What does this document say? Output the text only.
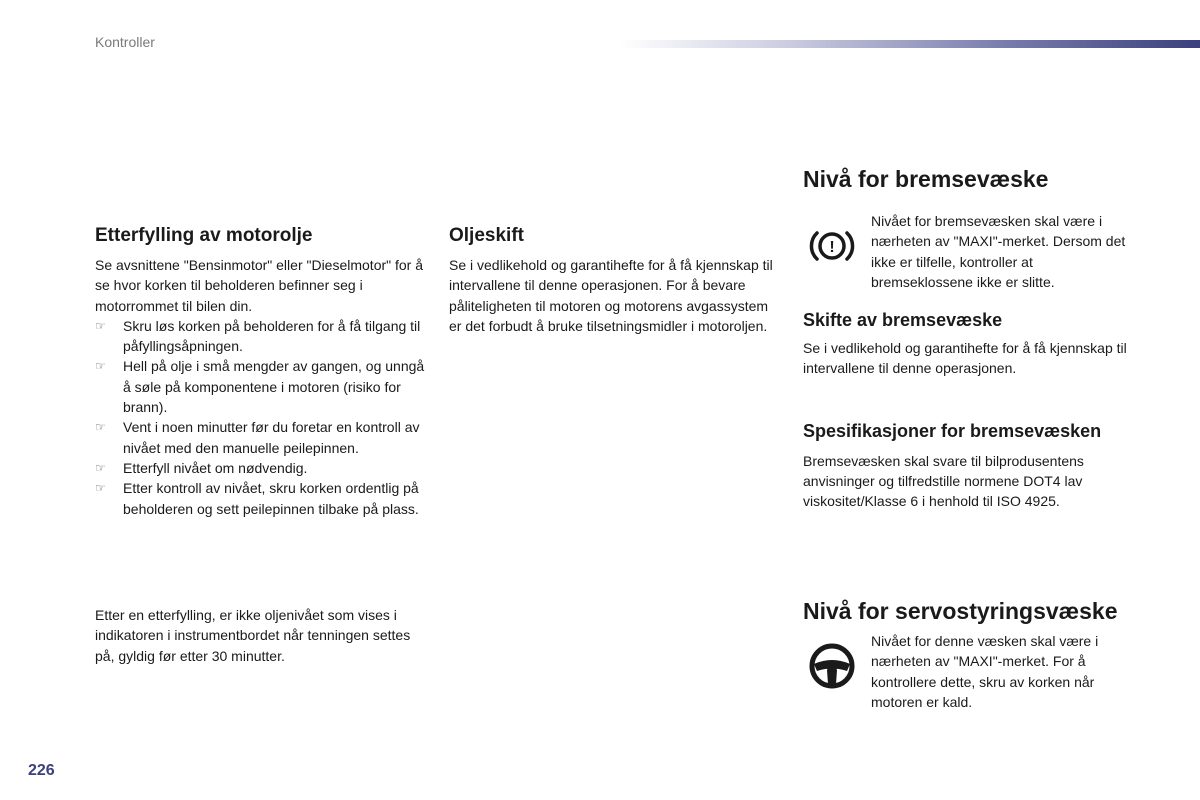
Kontroller
Etterfylling av motorolje

Se avsnittene "Bensinmotor" eller "Dieselmotor" for å se hvor korken til beholderen befinner seg i motorrommet til bilen din.

☞ Skru løs korken på beholderen for å få tilgang til påfyllingsåpningen.
☞ Hell på olje i små mengder av gangen, og unngå å søle på komponentene i motoren (risiko for brann).
☞ Vent i noen minutter før du foretar en kontroll av nivået med den manuelle peilepinnen.
☞ Etterfyll nivået om nødvendig.
☞ Etter kontroll av nivået, skru korken ordentlig på beholderen og sett peilepinnen tilbake på plass.

Etter en etterfylling, er ikke oljenivået som vises i indikatoren i instrumentbordet når tenningen settes på, gyldig før etter 30 minutter.

Oljeskift

Se i vedlikehold og garantihefte for å få kjennskap til intervallene til denne operasjonen. For å bevare påliteligheten til motoren og motorens avgassystem er det forbudt å bruke tilsetningsmidler i motoroljen.

Nivå for bremsevæske
!

Nivået for bremsevæsken skal være i nærheten av "MAXI"-merket. Dersom det ikke er tilfelle, kontroller at bremseklossene ikke er slitte.

Skifte av bremsevæske

Se i vedlikehold og garantihefte for å få kjennskap til intervallene til denne operasjonen.

Spesifikasjoner for bremsevæsken

Bremsevæsken skal svare til bilprodusentens anvisninger og tilfredstille normene DOT4 lav viskositet/Klasse 6 i henhold til ISO 4925.

Nivå for servostyringsvæske

Nivået for denne væsken skal være i nærheten av "MAXI"-merket. For å kontrollere dette, skru av korken når motoren er kald.

226
